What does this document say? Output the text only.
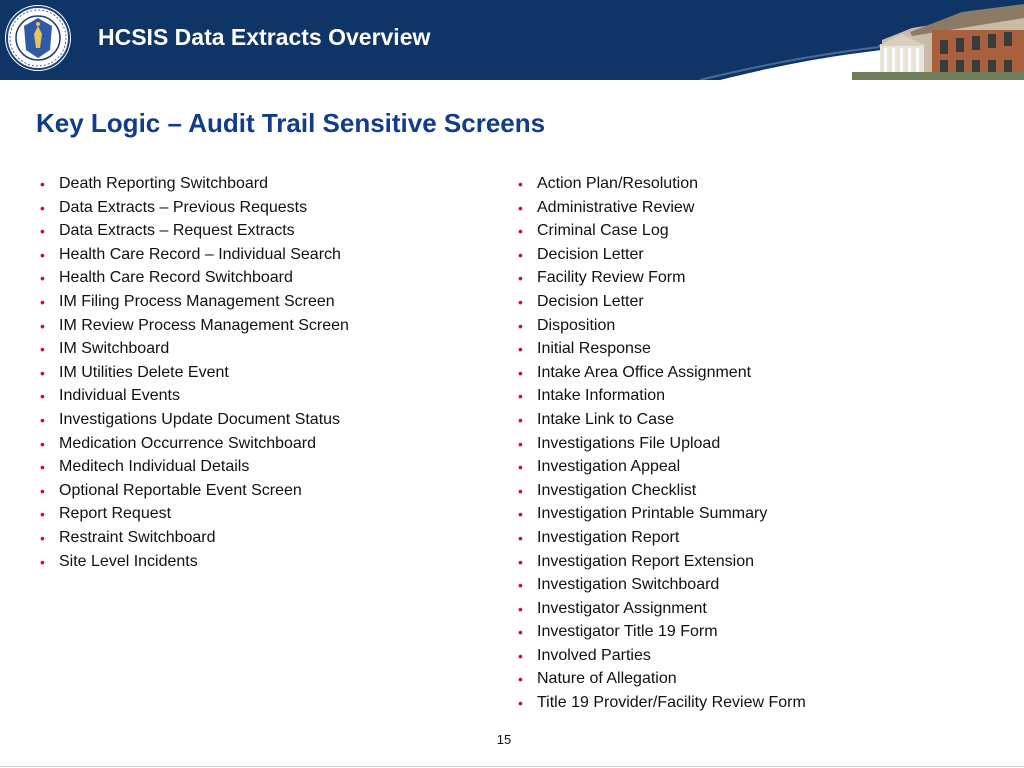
HCSIS Data Extracts Overview
Key Logic – Audit Trail Sensitive Screens
• Death Reporting Switchboard
• Data Extracts – Previous Requests
• Data Extracts – Request Extracts
• Health Care Record – Individual Search
• Health Care Record Switchboard
• IM Filing Process Management Screen
• IM Review Process Management Screen
• IM Switchboard
• IM Utilities Delete Event
• Individual Events
• Investigations Update Document Status
• Medication Occurrence Switchboard
• Meditech Individual Details
• Optional Reportable Event Screen
• Report Request
• Restraint Switchboard
• Site Level Incidents
• Action Plan/Resolution
• Administrative Review
• Criminal Case Log
• Decision Letter
• Facility Review Form
• Decision Letter
• Disposition
• Initial Response
• Intake Area Office Assignment
• Intake Information
• Intake Link to Case
• Investigations File Upload
• Investigation Appeal
• Investigation Checklist
• Investigation Printable Summary
• Investigation Report
• Investigation Report Extension
• Investigation Switchboard
• Investigator Assignment
• Investigator Title 19 Form
• Involved Parties
• Nature of Allegation
• Title 19 Provider/Facility Review Form
15
